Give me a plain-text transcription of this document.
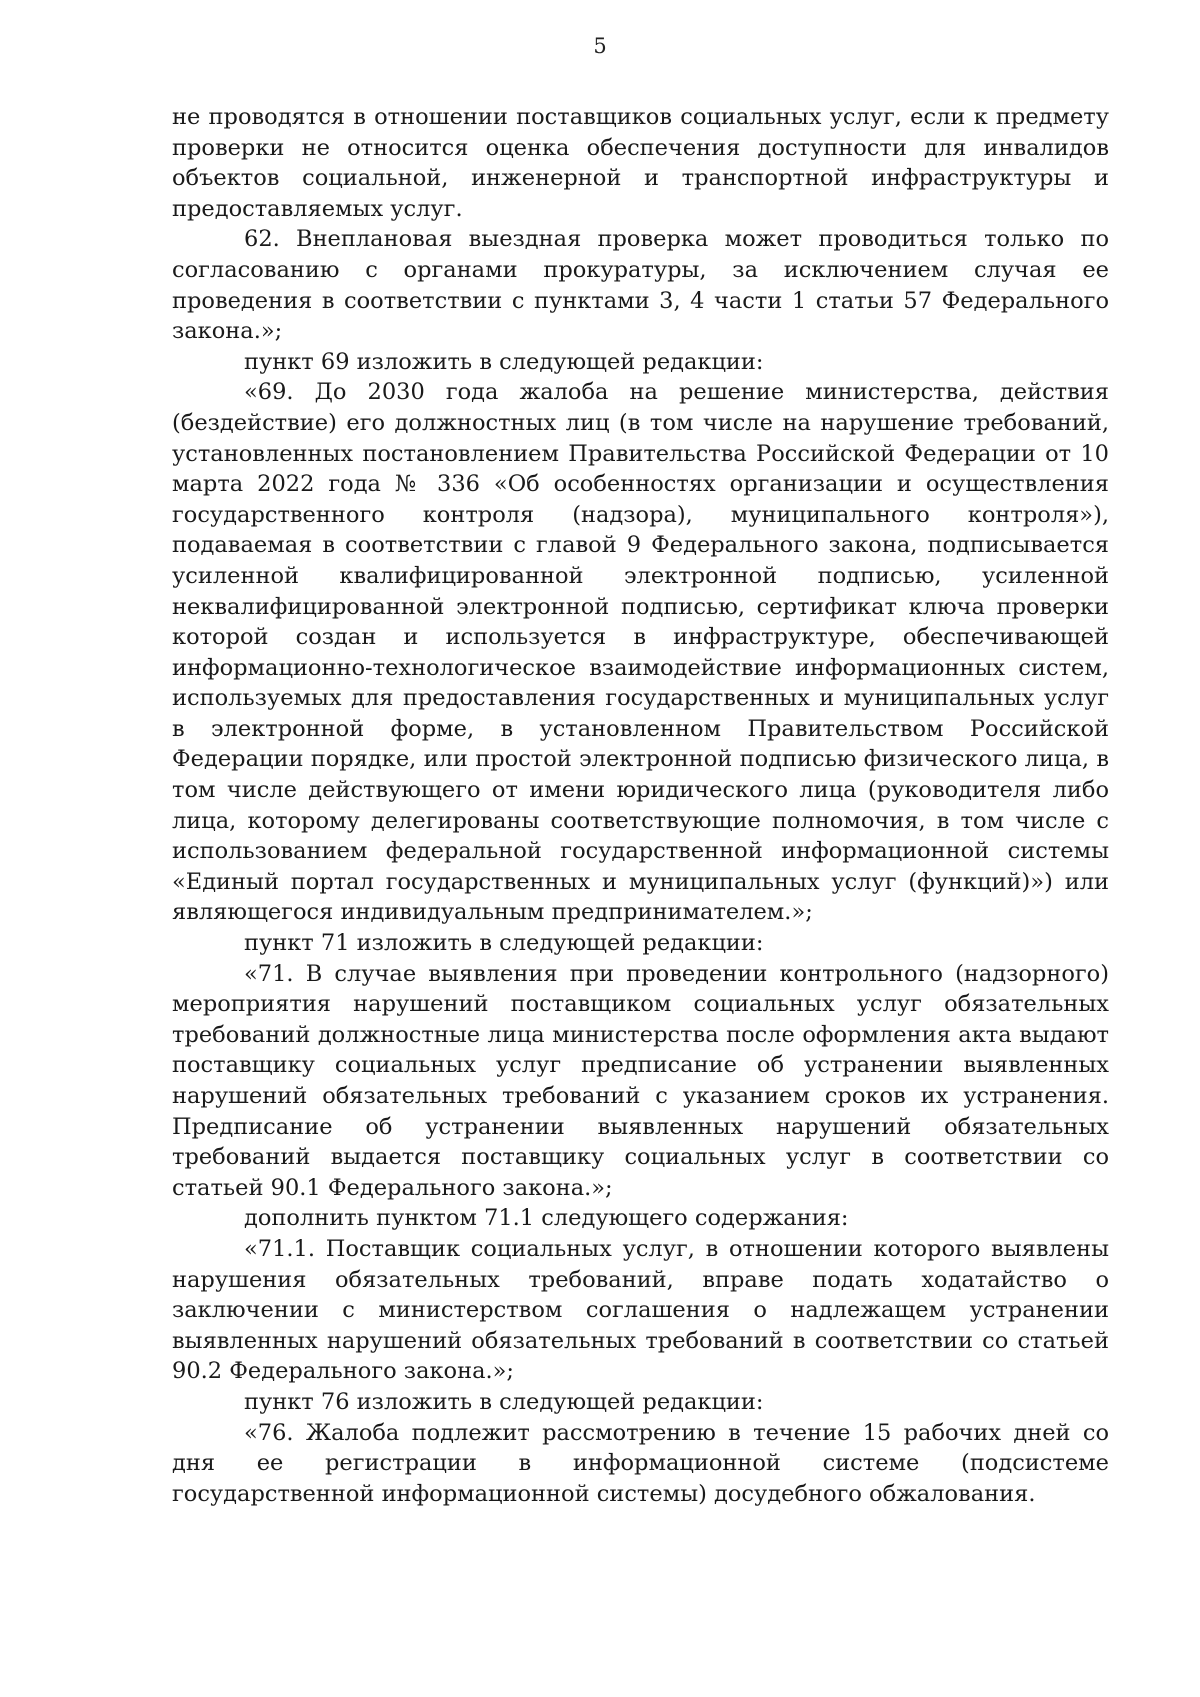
5

не проводятся в отношении поставщиков социальных услуг, если к предмету проверки не относится оценка обеспечения доступности для инвалидов объектов социальной, инженерной и транспортной инфраструктуры и предоставляемых услуг.

62. Внеплановая выездная проверка может проводиться только по согласованию с органами прокуратуры, за исключением случая ее проведения в соответствии с пунктами 3, 4 части 1 статьи 57 Федерального закона.»;

пункт 69 изложить в следующей редакции:

«69. До 2030 года жалоба на решение министерства, действия (бездействие) его должностных лиц (в том числе на нарушение требований, установленных постановлением Правительства Российской Федерации от 10 марта 2022 года № 336 «Об особенностях организации и осуществления государственного контроля (надзора), муниципального контроля»), подаваемая в соответствии с главой 9 Федерального закона, подписывается усиленной квалифицированной электронной подписью, усиленной неквалифицированной электронной подписью, сертификат ключа проверки которой создан и используется в инфраструктуре, обеспечивающей информационно-технологическое взаимодействие информационных систем, используемых для предоставления государственных и муниципальных услуг в электронной форме, в установленном Правительством Российской Федерации порядке, или простой электронной подписью физического лица, в том числе действующего от имени юридического лица (руководителя либо лица, которому делегированы соответствующие полномочия, в том числе с использованием федеральной государственной информационной системы «Единый портал государственных и муниципальных услуг (функций)») или являющегося индивидуальным предпринимателем.»;

пункт 71 изложить в следующей редакции:

«71. В случае выявления при проведении контрольного (надзорного) мероприятия нарушений поставщиком социальных услуг обязательных требований должностные лица министерства после оформления акта выдают поставщику социальных услуг предписание об устранении выявленных нарушений обязательных требований с указанием сроков их устранения. Предписание об устранении выявленных нарушений обязательных требований выдается поставщику социальных услуг в соответствии со статьей 90.1 Федерального закона.»;

дополнить пунктом 71.1 следующего содержания:

«71.1. Поставщик социальных услуг, в отношении которого выявлены нарушения обязательных требований, вправе подать ходатайство о заключении с министерством соглашения о надлежащем устранении выявленных нарушений обязательных требований в соответствии со статьей 90.2 Федерального закона.»;

пункт 76 изложить в следующей редакции:

«76. Жалоба подлежит рассмотрению в течение 15 рабочих дней со дня ее регистрации в информационной системе (подсистеме государственной информационной системы) досудебного обжалования.
